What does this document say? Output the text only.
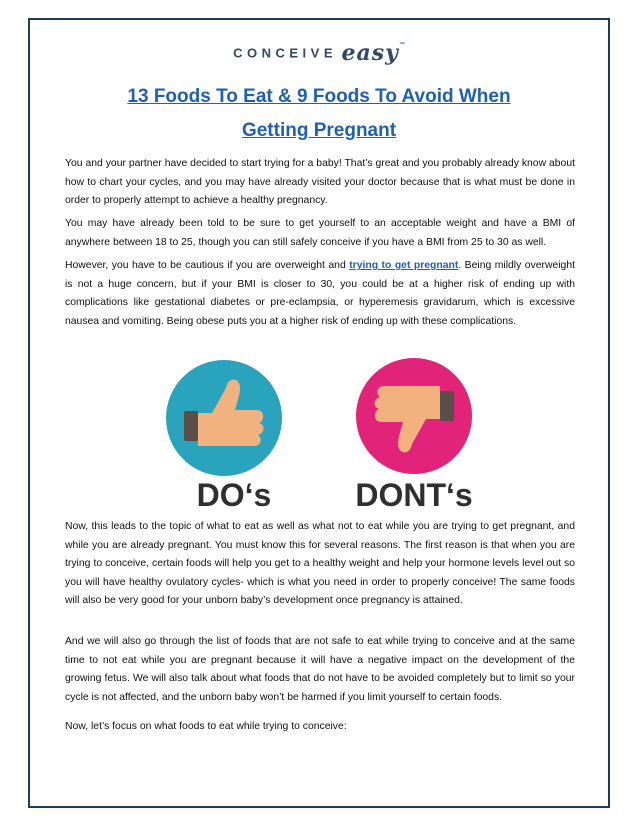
CONCEIVE easy™
13 Foods To Eat & 9 Foods To Avoid When
Getting Pregnant

You and your partner have decided to start trying for a baby! That’s great and you probably already know about how to chart your cycles, and you may have already visited your doctor because that is what must be done in order to properly attempt to achieve a healthy pregnancy.

You may have already been told to be sure to get yourself to an acceptable weight and have a BMI of anywhere between 18 to 25, though you can still safely conceive if you have a BMI from 25 to 30 as well.

However, you have to be cautious if you are overweight and trying to get pregnant. Being mildly overweight is not a huge concern, but if your BMI is closer to 30, you could be at a higher risk of ending up with complications like gestational diabetes or pre-eclampsia, or hyperemesis gravidarum, which is excessive nausea and vomiting. Being obese puts you at a higher risk of ending up with these complications.

DO‘s	DONT‘s

Now, this leads to the topic of what to eat as well as what not to eat while you are trying to get pregnant, and while you are already pregnant. You must know this for several reasons. The first reason is that when you are trying to conceive, certain foods will help you get to a healthy weight and help your hormone levels level out so you will have healthy ovulatory cycles- which is what you need in order to properly conceive! The same foods will also be very good for your unborn baby’s development once pregnancy is attained.

And we will also go through the list of foods that are not safe to eat while trying to conceive and at the same time to not eat while you are pregnant because it will have a negative impact on the development of the growing fetus. We will also talk about what foods that do not have to be avoided completely but to limit so your cycle is not affected, and the unborn baby won’t be harmed if you limit yourself to certain foods.

Now, let’s focus on what foods to eat while trying to conceive:
